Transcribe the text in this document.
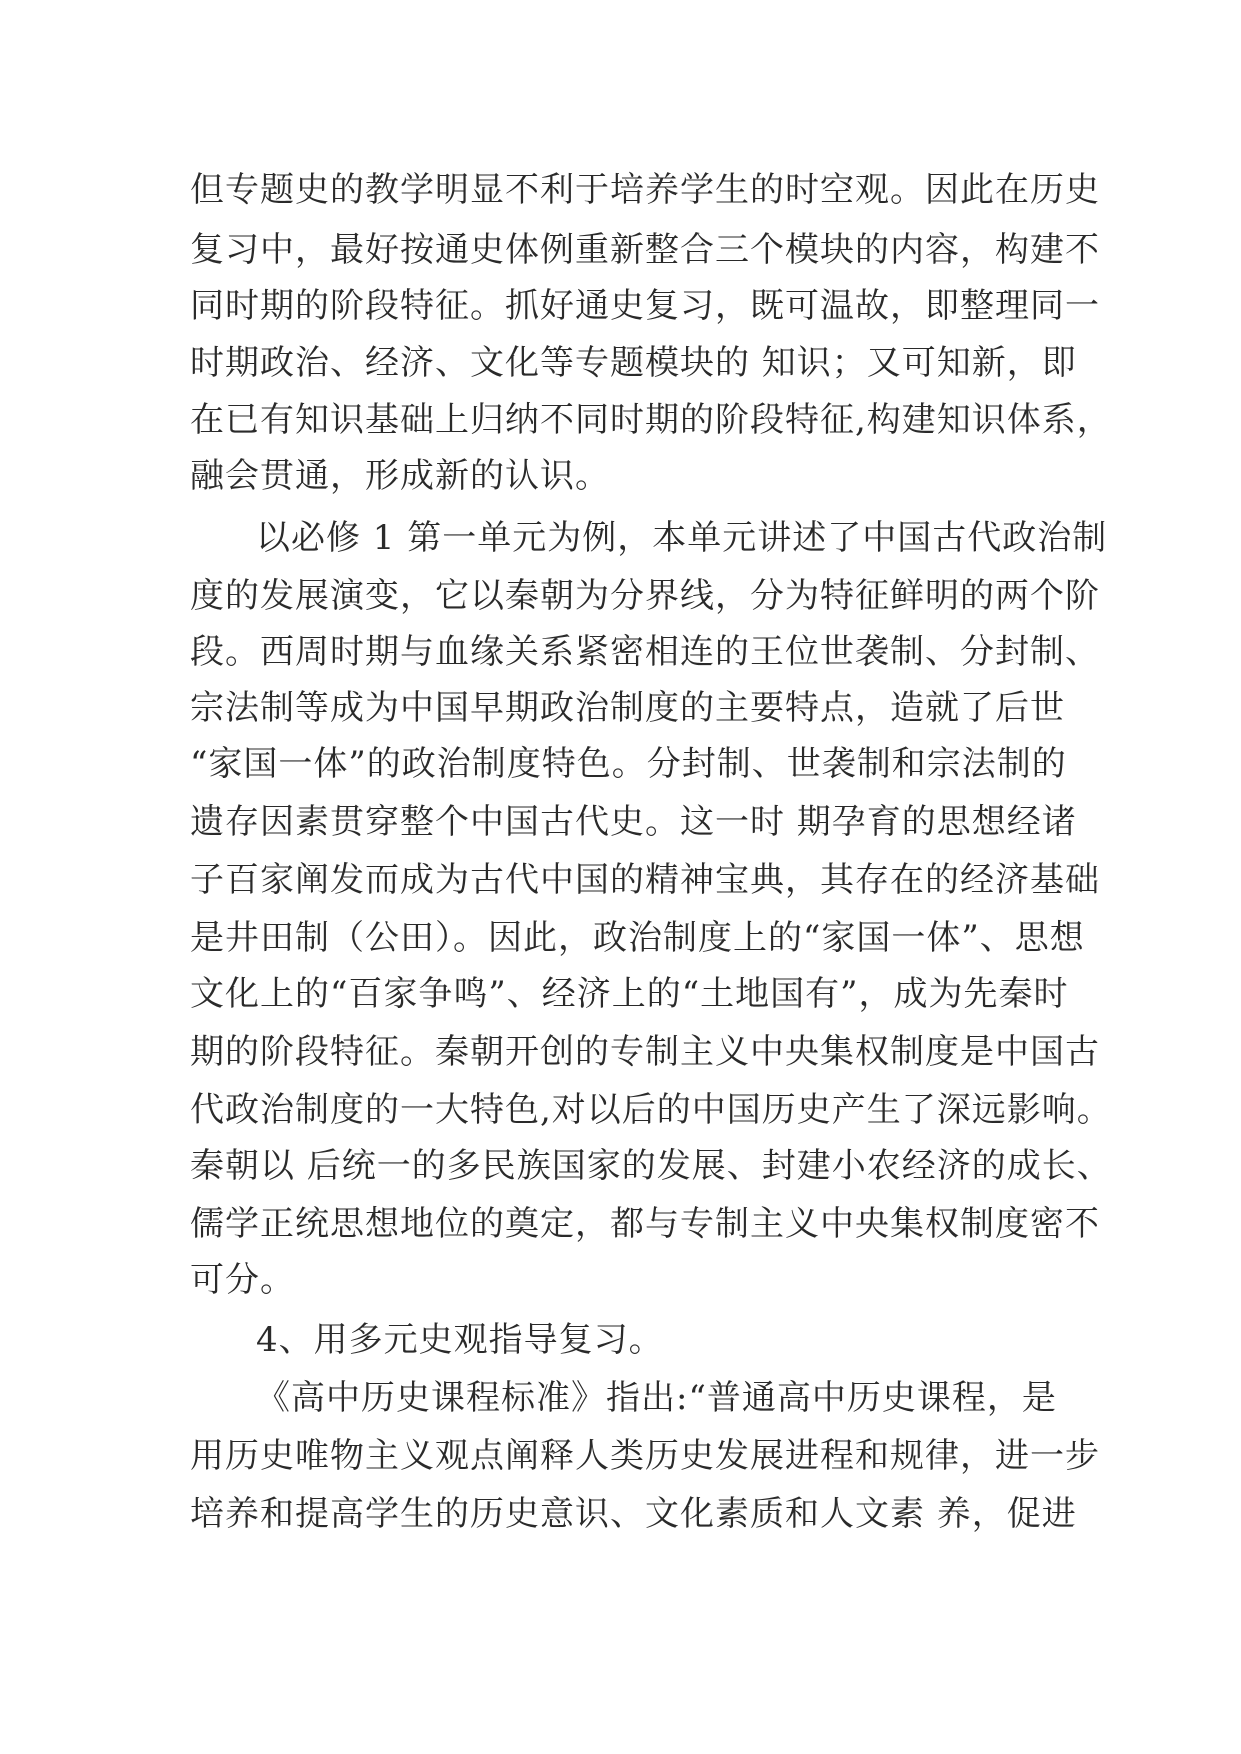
但专题史的教学明显不利于培养学生的时空观。因此在历史
复习中，最好按通史体例重新整合三个模块的内容，构建不
同时期的阶段特征。抓好通史复习，既可温故，即整理同一
时期政治、经济、文化等专题模块的 知识；又可知新，即
在已有知识基础上归纳不同时期的阶段特征,构建知识体系，
融会贯通，形成新的认识。
以必修 1 第一单元为例，本单元讲述了中国古代政治制
度的发展演变，它以秦朝为分界线，分为特征鲜明的两个阶
段。西周时期与血缘关系紧密相连的王位世袭制、分封制、
宗法制等成为中国早期政治制度的主要特点，造就了后世
“家国一体”的政治制度特色。分封制、世袭制和宗法制的
遗存因素贯穿整个中国古代史。这一时 期孕育的思想经诸
子百家阐发而成为古代中国的精神宝典，其存在的经济基础
是井田制（公田）。因此，政治制度上的“家国一体”、思想
文化上的“百家争鸣”、经济上的“土地国有”，成为先秦时
期的阶段特征。秦朝开创的专制主义中央集权制度是中国古
代政治制度的一大特色,对以后的中国历史产生了深远影响。
秦朝以 后统一的多民族国家的发展、封建小农经济的成长、
儒学正统思想地位的奠定，都与专制主义中央集权制度密不
可分。
4、用多元史观指导复习。
《高中历史课程标准》指出:“普通高中历史课程，是
用历史唯物主义观点阐释人类历史发展进程和规律，进一步
培养和提高学生的历史意识、文化素质和人文素 养，促进
